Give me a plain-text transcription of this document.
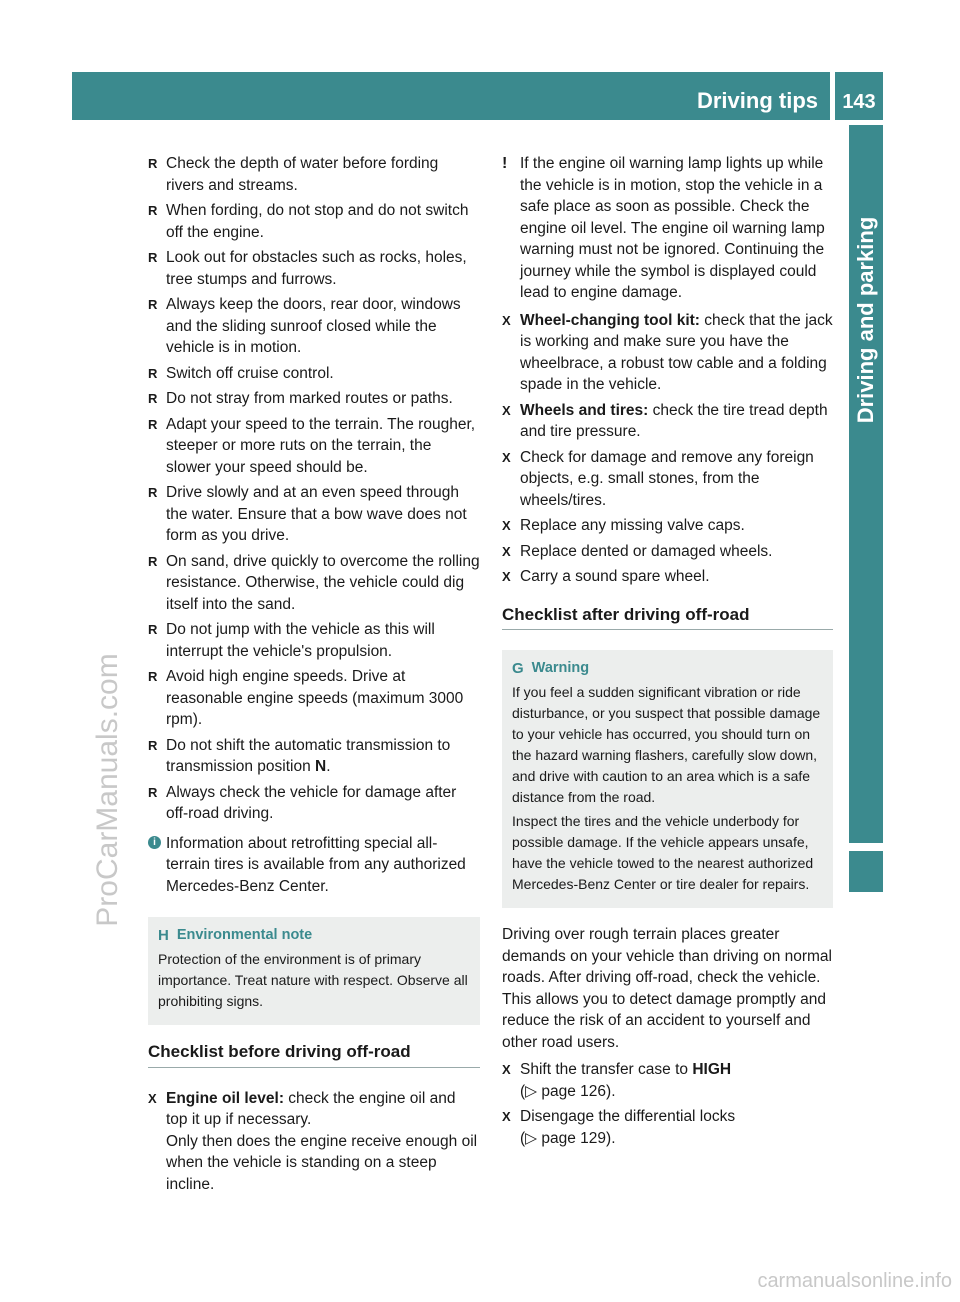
Driving tips	143
Driving and parking
ProCarManuals.com
carmanualsonline.info
R Check the depth of water before fording rivers and streams.
R When fording, do not stop and do not switch off the engine.
R Look out for obstacles such as rocks, holes, tree stumps and furrows.
R Always keep the doors, rear door, windows and the sliding sunroof closed while the vehicle is in motion.
R Switch off cruise control.
R Do not stray from marked routes or paths.
R Adapt your speed to the terrain. The rougher, steeper or more ruts on the terrain, the slower your speed should be.
R Drive slowly and at an even speed through the water. Ensure that a bow wave does not form as you drive.
R On sand, drive quickly to overcome the rolling resistance. Otherwise, the vehicle could dig itself into the sand.
R Do not jump with the vehicle as this will interrupt the vehicle's propulsion.
R Avoid high engine speeds. Drive at reasonable engine speeds (maximum 3000 rpm).
R Do not shift the automatic transmission to transmission position N.
R Always check the vehicle for damage after off-road driving.
i Information about retrofitting special all-terrain tires is available from any authorized Mercedes-Benz Center.
H Environmental note

Protection of the environment is of primary importance. Treat nature with respect. Observe all prohibiting signs.

Checklist before driving off-road
X Engine oil level: check the engine oil and top it up if necessary.
Only then does the engine receive enough oil when the vehicle is standing on a steep incline.
! If the engine oil warning lamp lights up while the vehicle is in motion, stop the vehicle in a safe place as soon as possible. Check the engine oil level. The engine oil warning lamp warning must not be ignored. Continuing the journey while the symbol is displayed could lead to engine damage.
X Wheel-changing tool kit: check that the jack is working and make sure you have the wheelbrace, a robust tow cable and a folding spade in the vehicle.
X Wheels and tires: check the tire tread depth and tire pressure.
X Check for damage and remove any foreign objects, e.g. small stones, from the wheels/tires.
X Replace any missing valve caps.
X Replace dented or damaged wheels.
X Carry a sound spare wheel.
Checklist after driving off-road
G Warning

If you feel a sudden significant vibration or ride disturbance, or you suspect that possible damage to your vehicle has occurred, you should turn on the hazard warning flashers, carefully slow down, and drive with caution to an area which is a safe distance from the road.

Inspect the tires and the vehicle underbody for possible damage. If the vehicle appears unsafe, have the vehicle towed to the nearest authorized Mercedes-Benz Center or tire dealer for repairs.

Driving over rough terrain places greater demands on your vehicle than driving on normal roads. After driving off-road, check the vehicle. This allows you to detect damage promptly and reduce the risk of an accident to yourself and other road users.
X Shift the transfer case to HIGH
(▷ page 126).
X Disengage the differential locks
(▷ page 129).
